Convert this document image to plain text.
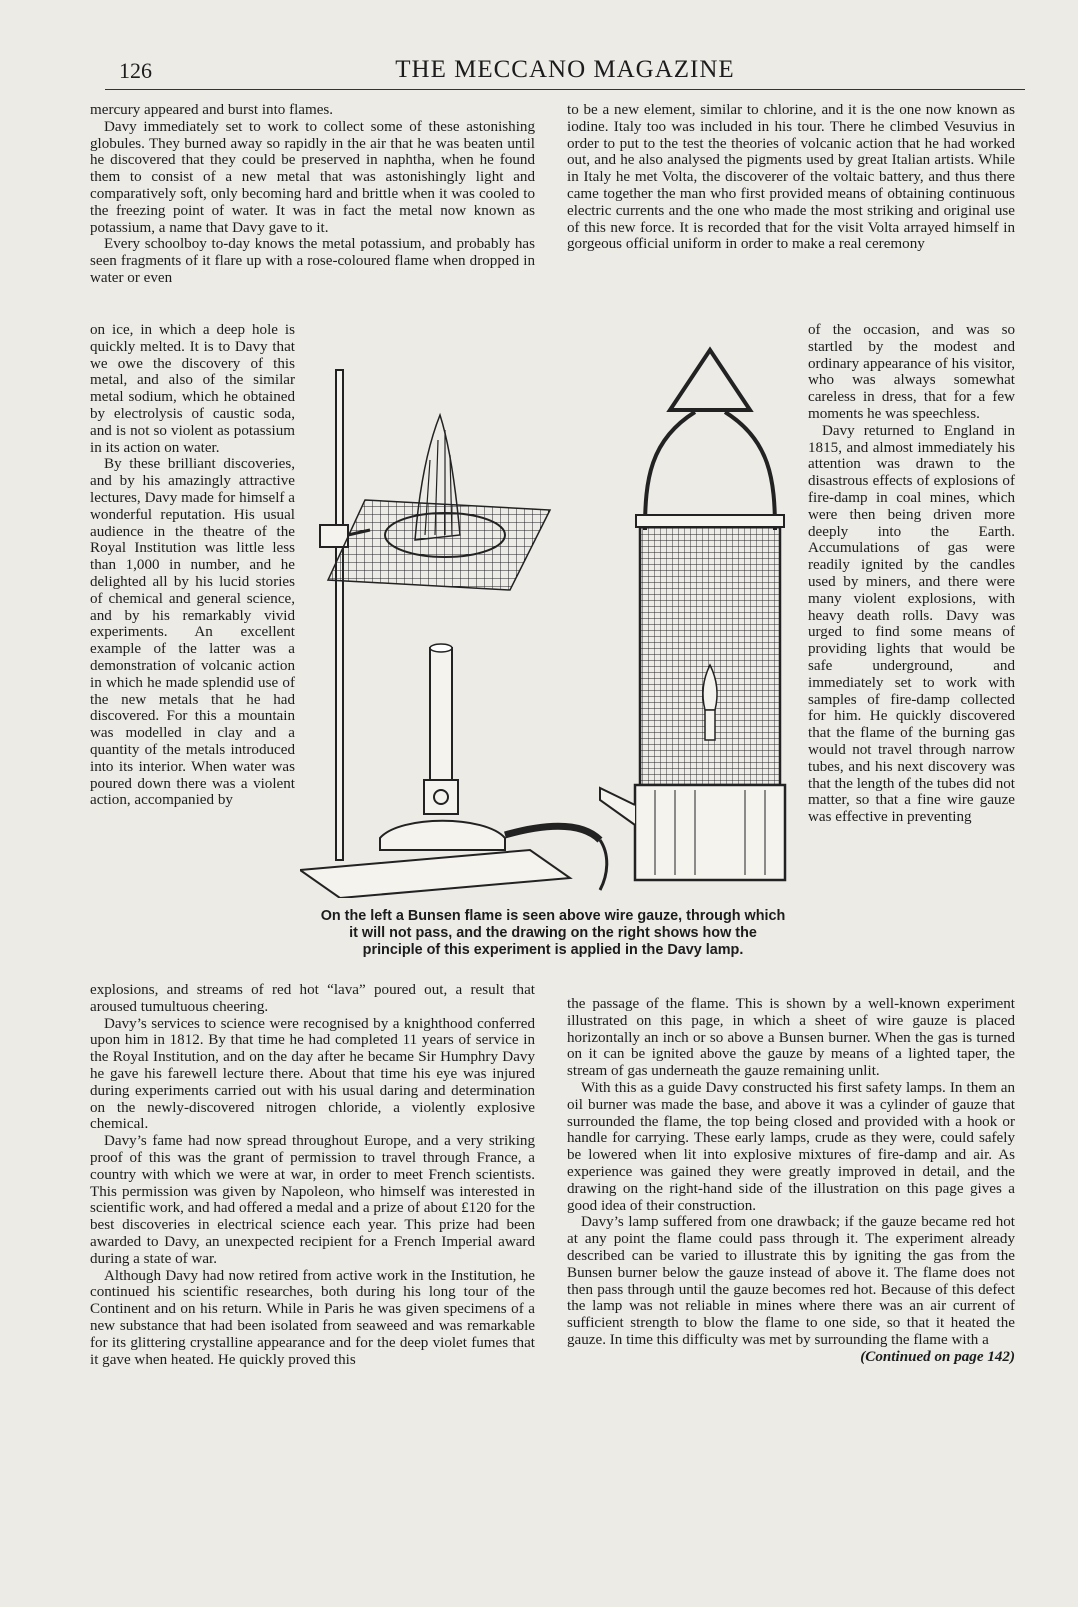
126	THE MECCANO MAGAZINE

mercury appeared and burst into flames.

Davy immediately set to work to collect some of these astonishing globules. They burned away so rapidly in the air that he was beaten until he discovered that they could be preserved in naphtha, when he found them to consist of a new metal that was astonishingly light and comparatively soft, only becoming hard and brittle when it was cooled to the freezing point of water. It was in fact the metal now known as potassium, a name that Davy gave to it.

Every schoolboy to-day knows the metal potassium, and probably has seen fragments of it flare up with a rose-coloured flame when dropped in water or even

on ice, in which a deep hole is quickly melted. It is to Davy that we owe the discovery of this metal, and also of the similar metal sodium, which he obtained by electrolysis of caustic soda, and is not so violent as potassium in its action on water.

By these brilliant discoveries, and by his amazingly attractive lectures, Davy made for himself a wonderful reputation. His usual audience in the theatre of the Royal Institution was little less than 1,000 in number, and he delighted all by his lucid stories of chemical and general science, and by his remarkably vivid experiments. An excellent example of the latter was a demonstration of volcanic action in which he made splendid use of the new metals that he had discovered. For this a mountain was modelled in clay and a quantity of the metals introduced into its interior. When water was poured down there was a violent action, accompanied by

explosions, and streams of red hot “lava” poured out, a result that aroused tumultuous cheering.

Davy’s services to science were recognised by a knighthood conferred upon him in 1812. By that time he had completed 11 years of service in the Royal Institution, and on the day after he became Sir Humphry Davy he gave his farewell lecture there. About that time his eye was injured during experiments carried out with his usual daring and determination on the newly-discovered nitrogen chloride, a violently explosive chemical.

Davy’s fame had now spread throughout Europe, and a very striking proof of this was the grant of permission to travel through France, a country with which we were at war, in order to meet French scientists. This permission was given by Napoleon, who himself was interested in scientific work, and had offered a medal and a prize of about £120 for the best discoveries in electrical science each year. This prize had been awarded to Davy, an unexpected recipient for a French Imperial award during a state of war.

Although Davy had now retired from active work in the Institution, he continued his scientific researches, both during his long tour of the Continent and on his return. While in Paris he was given specimens of a new substance that had been isolated from seaweed and was remarkable for its glittering crystalline appearance and for the deep violet fumes that it gave when heated. He quickly proved this

to be a new element, similar to chlorine, and it is the one now known as iodine. Italy too was included in his tour. There he climbed Vesuvius in order to put to the test the theories of volcanic action that he had worked out, and he also analysed the pigments used by great Italian artists. While in Italy he met Volta, the discoverer of the voltaic battery, and thus there came together the man who first provided means of obtaining continuous electric currents and the one who made the most striking and original use of this new force. It is recorded that for the visit Volta arrayed himself in gorgeous official uniform in order to make a real ceremony

of the occasion, and was so startled by the modest and ordinary appearance of his visitor, who was always somewhat careless in dress, that for a few moments he was speechless.

Davy returned to England in 1815, and almost immediately his attention was drawn to the disastrous effects of explosions of fire-damp in coal mines, which were then being driven more deeply into the Earth. Accumulations of gas were readily ignited by the candles used by miners, and there were many violent explosions, with heavy death rolls. Davy was urged to find some means of providing lights that would be safe underground, and immediately set to work with samples of fire-damp collected for him. He quickly discovered that the flame of the burning gas would not travel through narrow tubes, and his next discovery was that the length of the tubes did not matter, so that a fine wire gauze was effective in preventing

the passage of the flame. This is shown by a well-known experiment illustrated on this page, in which a sheet of wire gauze is placed horizontally an inch or so above a Bunsen burner. When the gas is turned on it can be ignited above the gauze by means of a lighted taper, the stream of gas underneath the gauze remaining unlit.

With this as a guide Davy constructed his first safety lamps. In them an oil burner was made the base, and above it was a cylinder of gauze that surrounded the flame, the top being closed and provided with a hook or handle for carrying. These early lamps, crude as they were, could safely be lowered when lit into explosive mixtures of fire-damp and air. As experience was gained they were greatly improved in detail, and the drawing on the right-hand side of the illustration on this page gives a good idea of their construction.

Davy’s lamp suffered from one drawback; if the gauze became red hot at any point the flame could pass through it. The experiment already described can be varied to illustrate this by igniting the gas from the Bunsen burner below the gauze instead of above it. The flame does not then pass through until the gauze becomes red hot. Because of this defect the lamp was not reliable in mines where there was an air current of sufficient strength to blow the flame to one side, so that it heated the gauze. In time this difficulty was met by surrounding the flame with a

(Continued on page 142)

On the left a Bunsen flame is seen above wire gauze, through which it will not pass, and the drawing on the right shows how the principle of this experiment is applied in the Davy lamp.
